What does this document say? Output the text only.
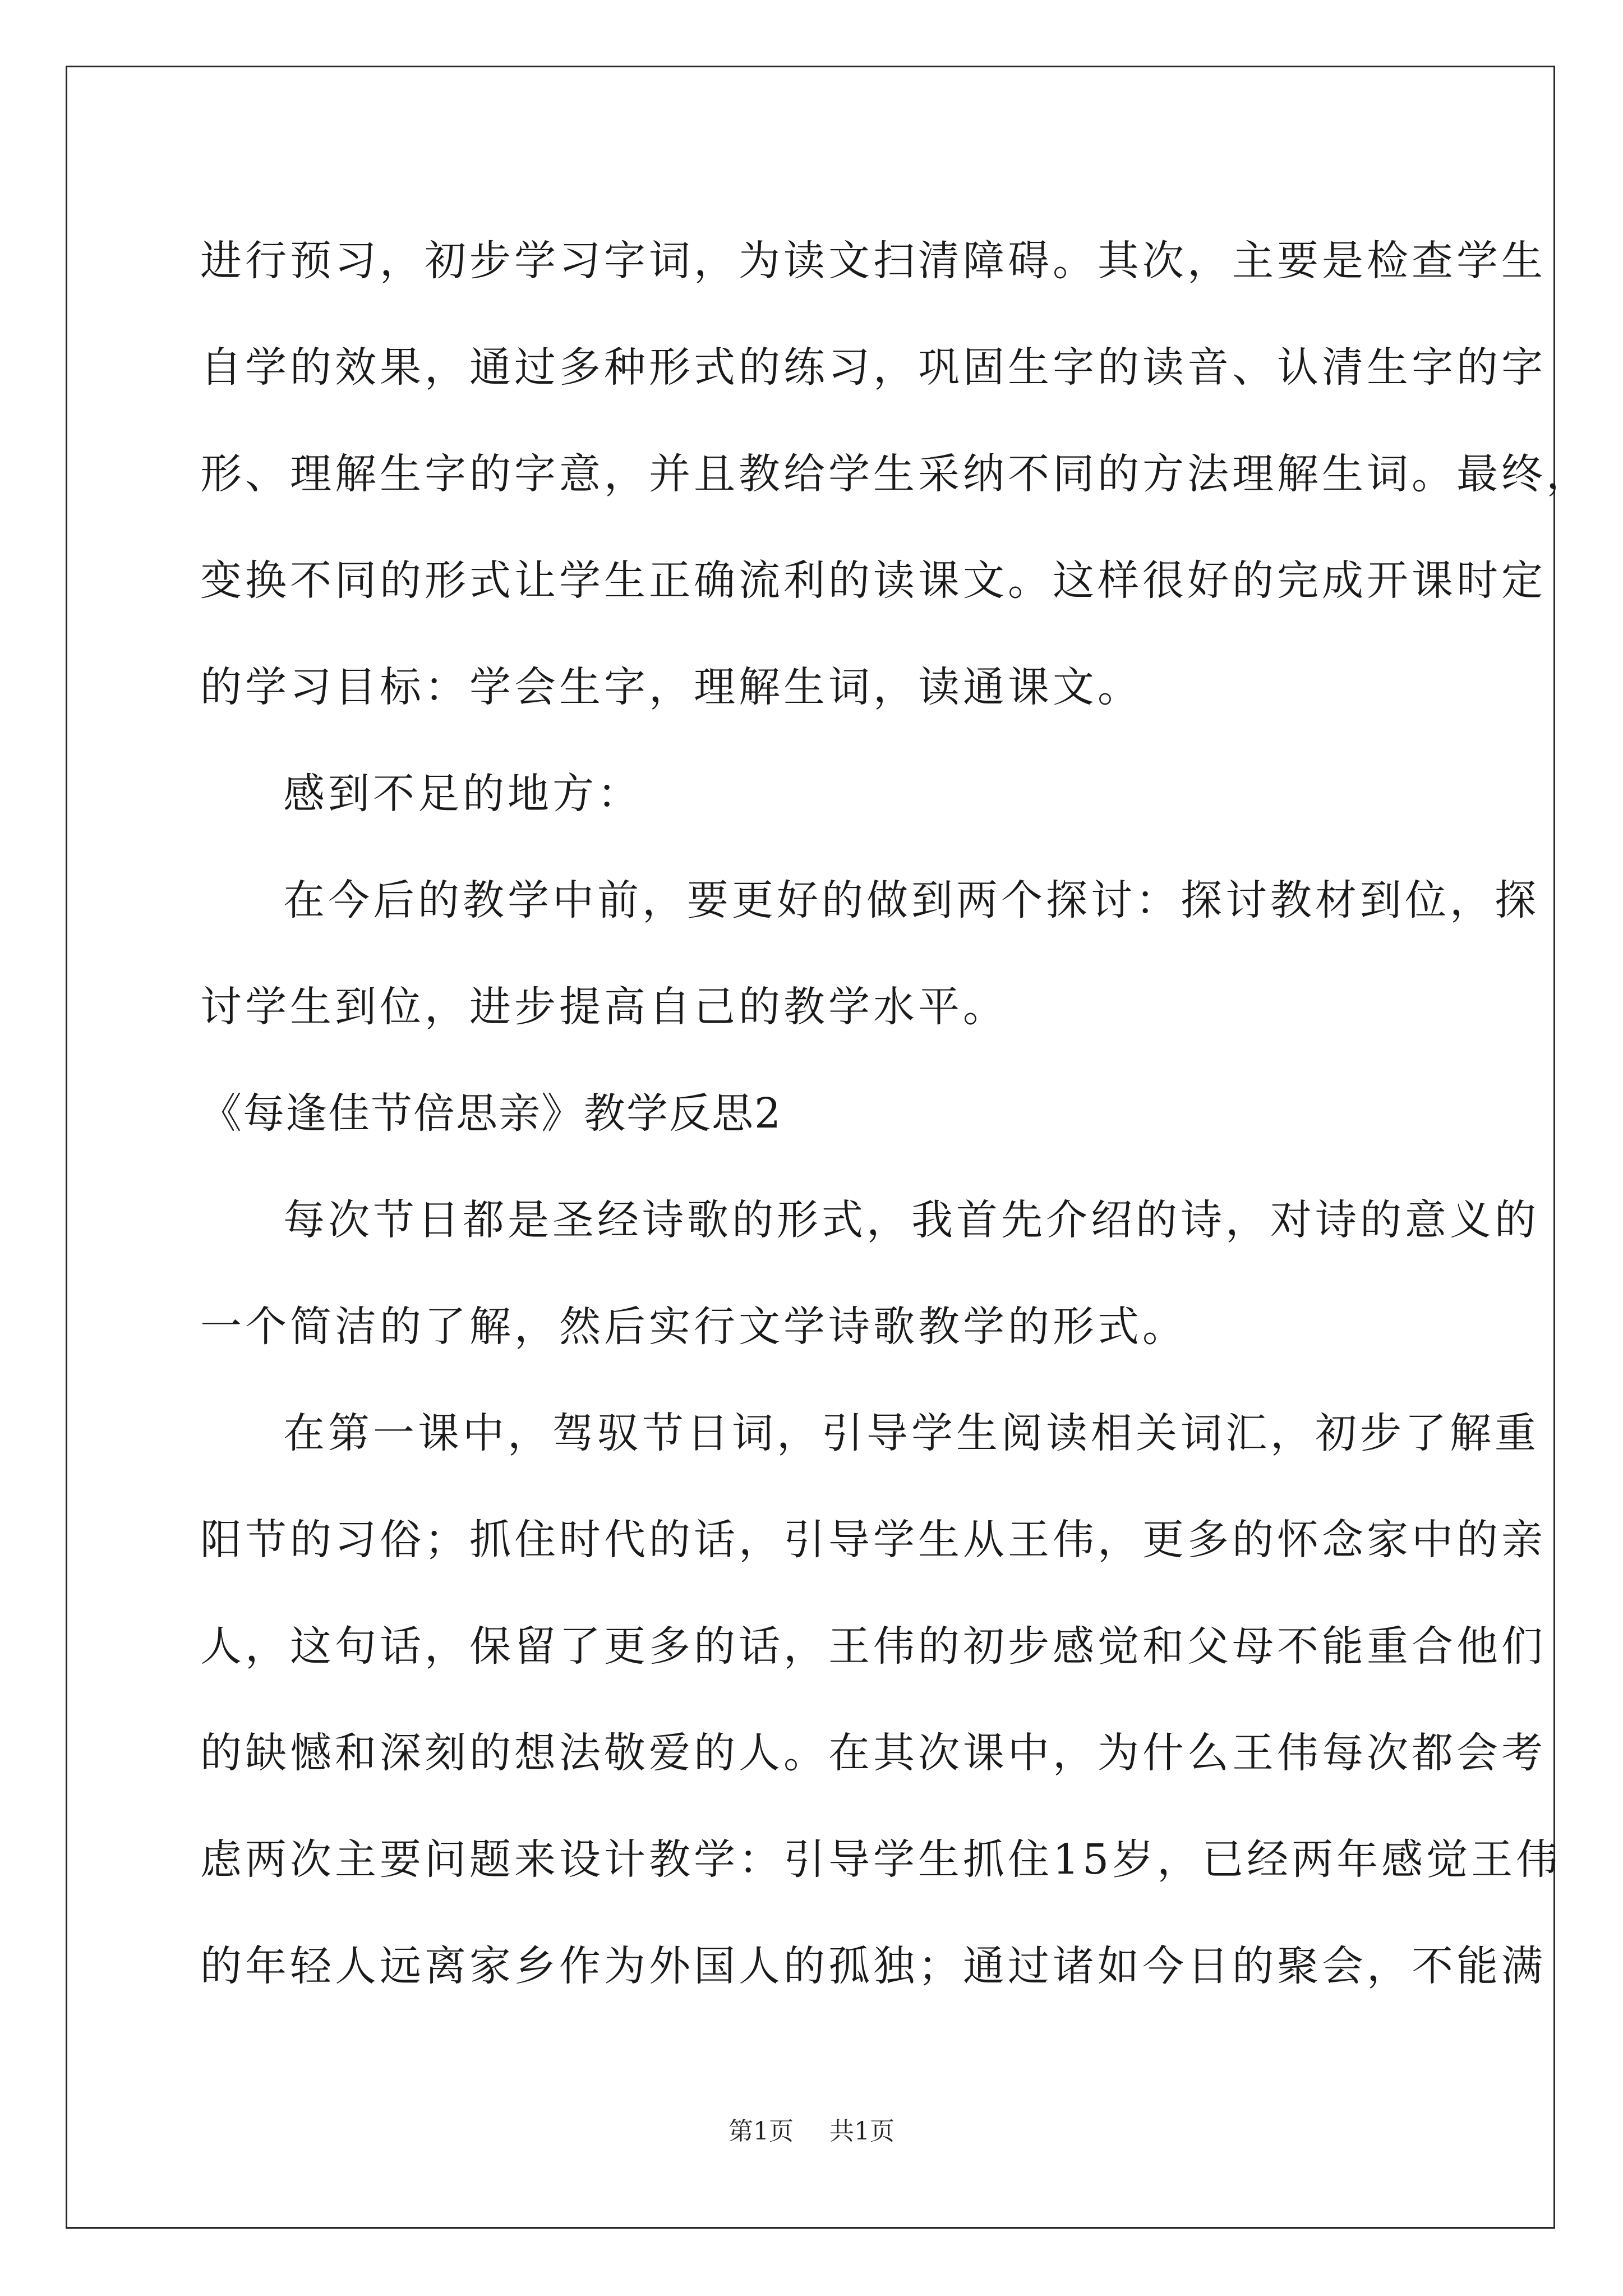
进行预习，初步学习字词，为读文扫清障碍。其次，主要是检查学生
自学的效果，通过多种形式的练习，巩固生字的读音、认清生字的字
形、理解生字的字意，并且教给学生采纳不同的方法理解生词。最终，
变换不同的形式让学生正确流利的读课文。这样很好的完成开课时定
的学习目标：学会生字，理解生词，读通课文。
感到不足的地方：
在今后的教学中前，要更好的做到两个探讨：探讨教材到位，探
讨学生到位，进步提高自己的教学水平。
《每逢佳节倍思亲》教学反思2
每次节日都是圣经诗歌的形式，我首先介绍的诗，对诗的意义的
一个简洁的了解，然后实行文学诗歌教学的形式。
在第一课中，驾驭节日词，引导学生阅读相关词汇，初步了解重
阳节的习俗；抓住时代的话，引导学生从王伟，更多的怀念家中的亲
人，这句话，保留了更多的话，王伟的初步感觉和父母不能重合他们
的缺憾和深刻的想法敬爱的人。在其次课中，为什么王伟每次都会考
虑两次主要问题来设计教学：引导学生抓住15岁，已经两年感觉王伟
的年轻人远离家乡作为外国人的孤独；通过诸如今日的聚会，不能满
第1页 共1页
